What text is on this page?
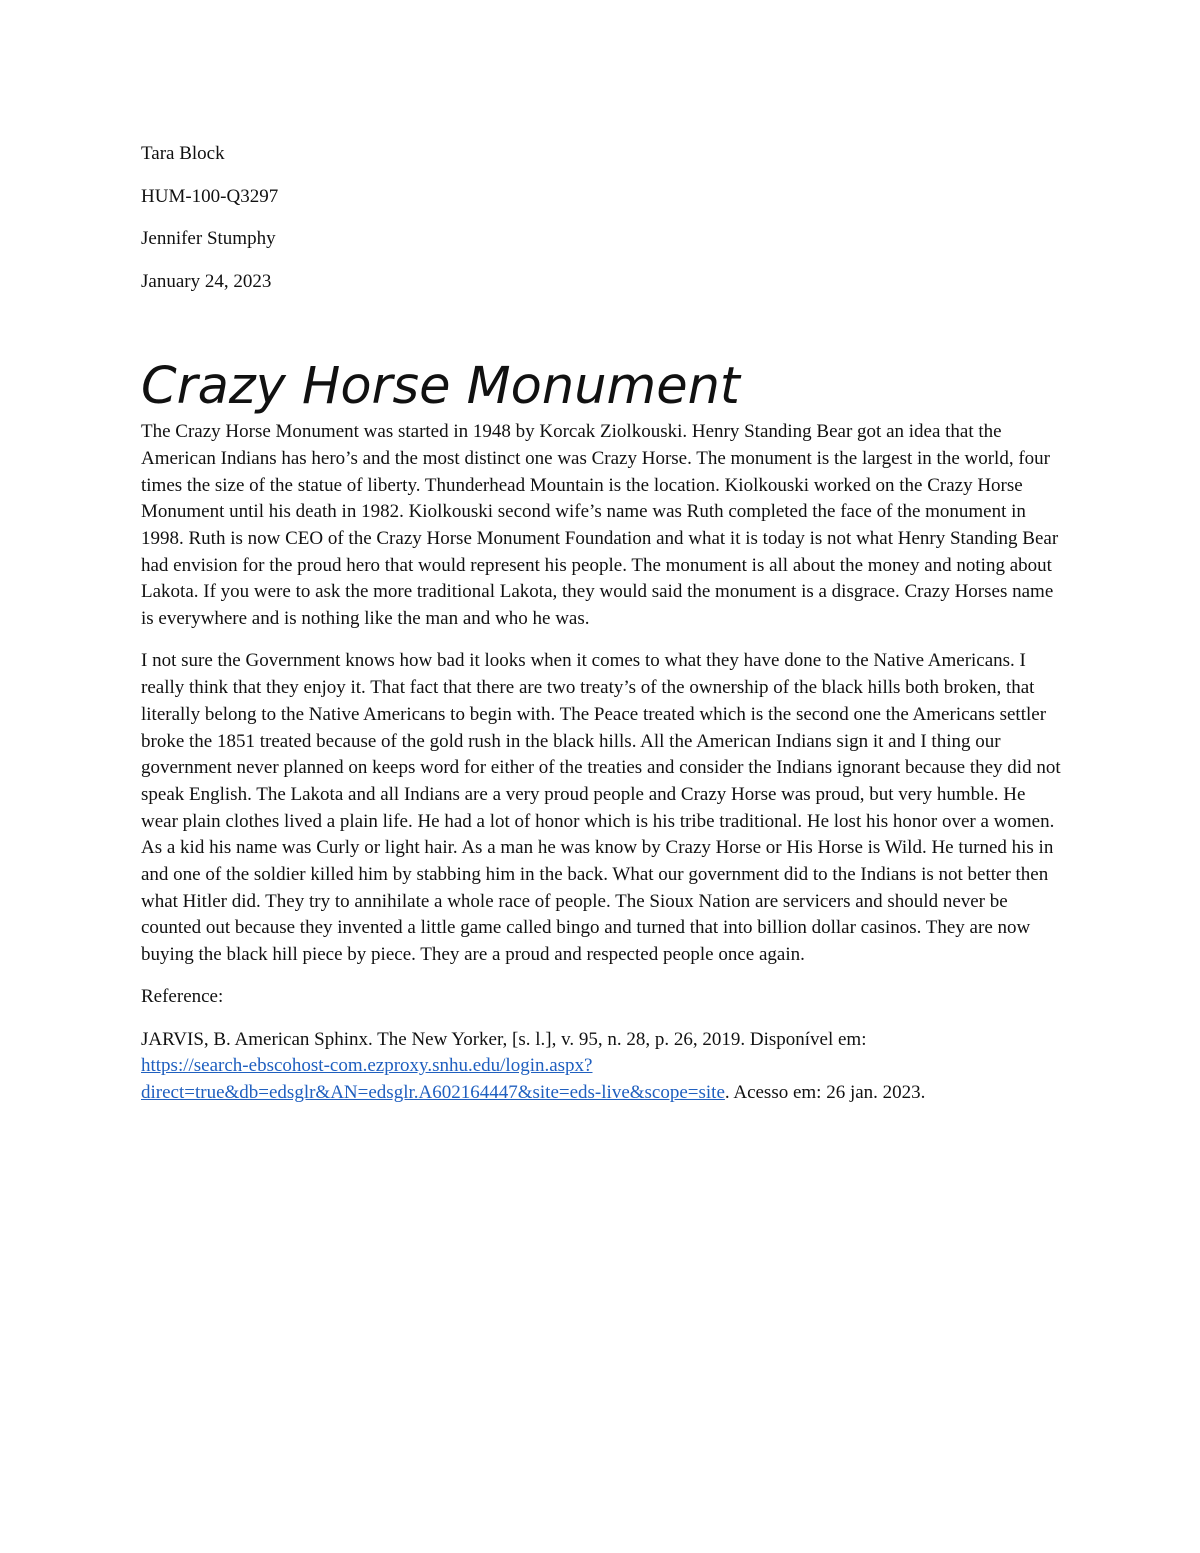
Tara Block
HUM-100-Q3297
Jennifer Stumphy
January 24, 2023
Crazy Horse Monument

The Crazy Horse Monument was started in 1948 by Korcak Ziolkouski. Henry Standing Bear got an idea that the American Indians has hero’s and the most distinct one was Crazy Horse. The monument is the largest in the world, four times the size of the statue of liberty. Thunderhead Mountain is the location. Kiolkouski worked on the Crazy Horse Monument until his death in 1982. Kiolkouski second wife’s name was Ruth completed the face of the monument in 1998. Ruth is now CEO of the Crazy Horse Monument Foundation and what it is today is not what Henry Standing Bear had envision for the proud hero that would represent his people. The monument is all about the money and noting about Lakota. If you were to ask the more traditional Lakota, they would said the monument is a disgrace. Crazy Horses name is everywhere and is nothing like the man and who he was.

I not sure the Government knows how bad it looks when it comes to what they have done to the Native Americans. I really think that they enjoy it. That fact that there are two treaty’s of the ownership of the black hills both broken, that literally belong to the Native Americans to begin with. The Peace treated which is the second one the Americans settler broke the 1851 treated because of the gold rush in the black hills. All the American Indians sign it and I thing our government never planned on keeps word for either of the treaties and consider the Indians ignorant because they did not speak English. The Lakota and all Indians are a very proud people and Crazy Horse was proud, but very humble. He wear plain clothes lived a plain life. He had a lot of honor which is his tribe traditional. He lost his honor over a women. As a kid his name was Curly or light hair. As a man he was know by Crazy Horse or His Horse is Wild. He turned his in and one of the soldier killed him by stabbing him in the back. What our government did to the Indians is not better then what Hitler did. They try to annihilate a whole race of people. The Sioux Nation are servicers and should never be counted out because they invented a little game called bingo and turned that into billion dollar casinos. They are now buying the black hill piece by piece. They are a proud and respected people once again.

Reference:

JARVIS, B. American Sphinx. The New Yorker, [s. l.], v. 95, n. 28, p. 26, 2019. Disponível em:
https://search-ebscohost-com.ezproxy.snhu.edu/login.aspx?
direct=true&db=edsglr&AN=edsglr.A602164447&site=eds-live&scope=site. Acesso em: 26 jan. 2023.
